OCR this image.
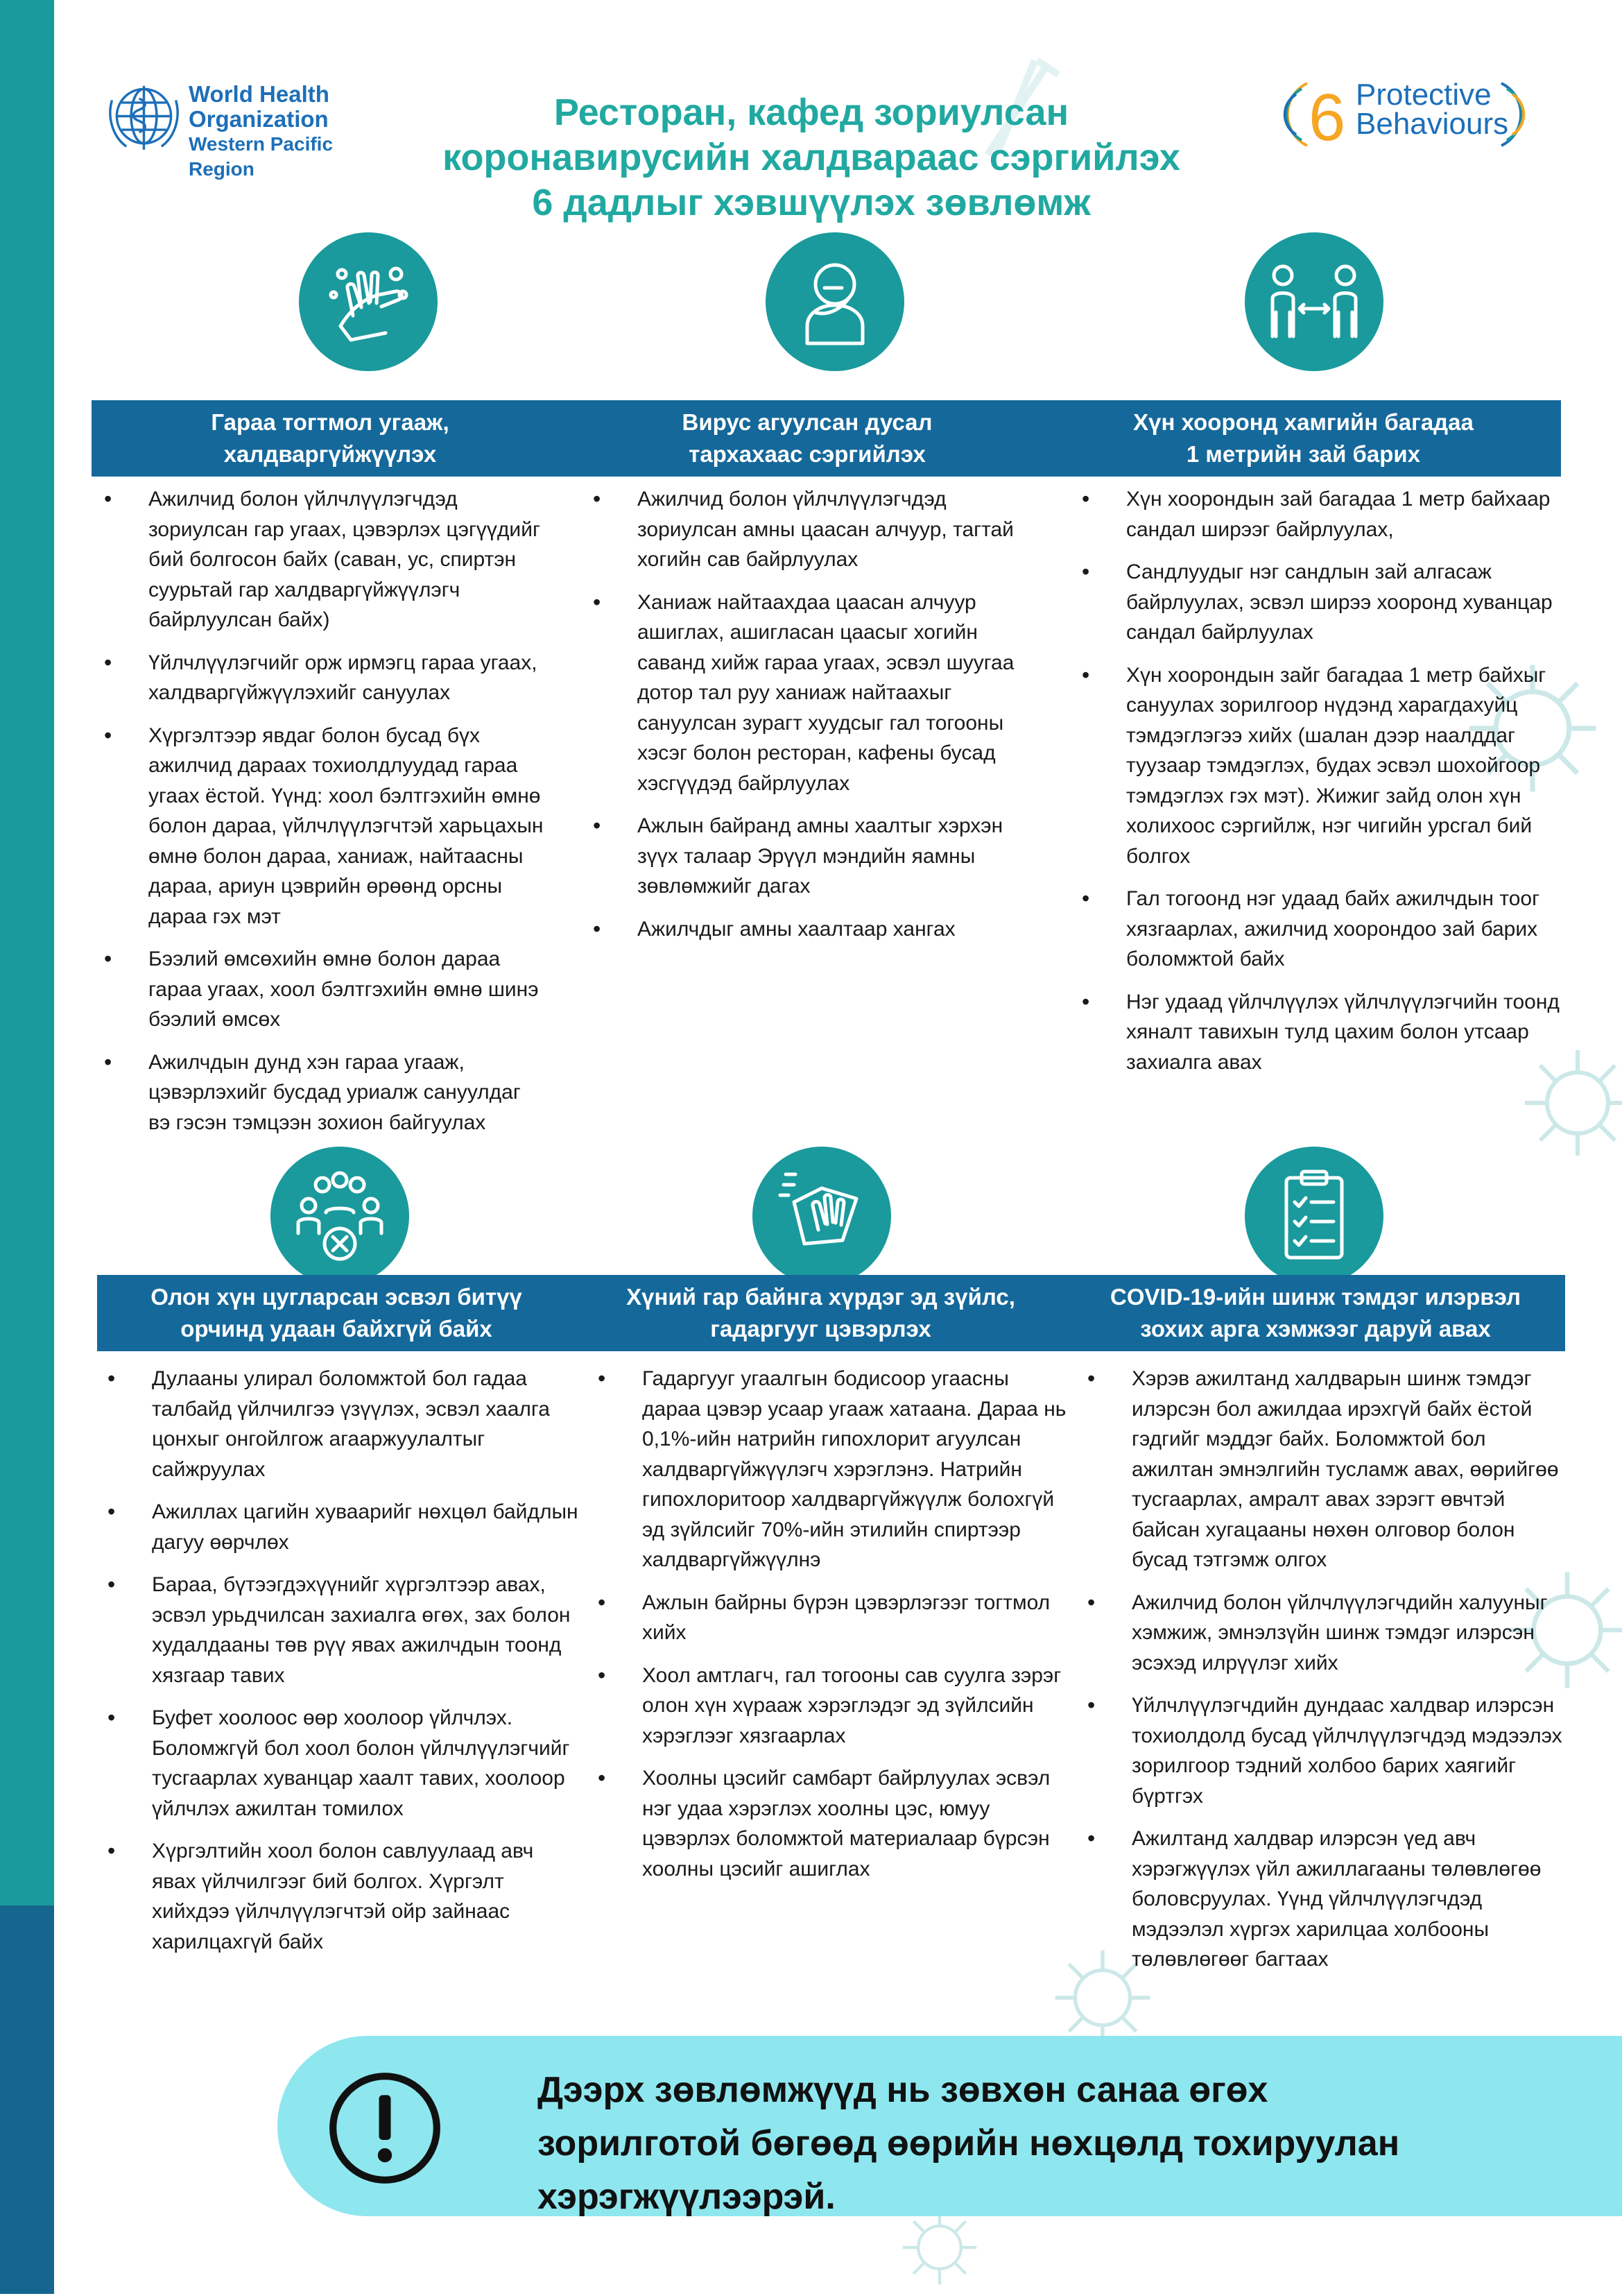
World Health
Organization
Western Pacific Region
6 Protective
Behaviours
Ресторан, кафед зориулсан
коронавирусийн халдвараас сэргийлэх
6 дадлыг хэвшүүлэх зөвлөмж
Гараа тогтмол угааж,
халдваргүйжүүлэх
Вирус агуулсан дусал
тархахаас сэргийлэх
Хүн хооронд хамгийн багадаа
1 метрийн зай барих
• Ажилчид болон үйлчлүүлэгчдэд зориулсан гар угаах, цэвэрлэх цэгүүдийг бий болгосон байх (саван, ус, спиртэн суурьтай гар халдваргүйжүүлэгч байрлуулсан байх)
• Үйлчлүүлэгчийг орж ирмэгц гараа угаах, халдваргүйжүүлэхийг сануулах
• Хүргэлтээр явдаг болон бусад бүх ажилчид дараах тохиолдлуудад гараа угаах ёстой. Үүнд: хоол бэлтгэхийн өмнө болон дараа, үйлчлүүлэгчтэй харьцахын өмнө болон дараа, ханиаж, найтаасны дараа, ариун цэврийн өрөөнд орсны дараа гэх мэт
• Бээлий өмсөхийн өмнө болон дараа гараа угаах, хоол бэлтгэхийн өмнө шинэ бээлий өмсөх
• Ажилчдын дунд хэн гараа угааж, цэвэрлэхийг бусдад уриалж сануулдаг вэ гэсэн тэмцээн зохион байгуулах
• Ажилчид болон үйлчлүүлэгчдэд зориулсан амны цаасан алчуур, тагтай хогийн сав байрлуулах
• Ханиаж найтаахдаа цаасан алчуур ашиглах, ашигласан цаасыг хогийн саванд хийж гараа угаах, эсвэл шуугаа дотор тал руу ханиаж найтаахыг сануулсан зурагт хуудсыг гал тогооны хэсэг болон ресторан, кафены бусад хэсгүүдэд байрлуулах
• Ажлын байранд амны хаалтыг хэрхэн зүүх талаар Эрүүл мэндийн яамны зөвлөмжийг дагах
• Ажилчдыг амны хаалтаар хангах
• Хүн хоорондын зай багадаа 1 метр байхаар сандал ширээг байрлуулах,
• Сандлуудыг нэг сандлын зай алгасаж байрлуулах, эсвэл ширээ хооронд хуванцар сандал байрлуулах
• Хүн хоорондын зайг багадаа 1 метр байхыг сануулах зорилгоор нүдэнд харагдахуйц тэмдэглэгээ хийх (шалан дээр наалддаг туузаар тэмдэглэх, будах эсвэл шохойгоор тэмдэглэх гэх мэт). Жижиг зайд олон хүн холихоос сэргийлж, нэг чигийн урсгал бий болгох
• Гал тогоонд нэг удаад байх ажилчдын тоог хязгаарлах, ажилчид хоорондоо зай барих боломжтой байх
• Нэг удаад үйлчлүүлэх үйлчлүүлэгчийн тоонд хяналт тавихын тулд цахим болон утсаар захиалга авах
Олон хүн цугларсан эсвэл битүү
орчинд удаан байхгүй байх
Хүний гар байнга хүрдэг эд зүйлс,
гадаргууг цэвэрлэх
COVID-19-ийн шинж тэмдэг илэрвэл
зохих арга хэмжээг даруй авах
• Дулааны улирал боломжтой бол гадаа талбайд үйлчилгээ үзүүлэх, эсвэл хаалга цонхыг онгойлгож агааржуулалтыг сайжруулах
• Ажиллах цагийн хуваарийг нөхцөл байдлын дагуу өөрчлөх
• Бараа, бүтээгдэхүүнийг хүргэлтээр авах, эсвэл урьдчилсан захиалга өгөх, зах болон худалдааны төв рүү явах ажилчдын тоонд хязгаар тавих
• Буфет хоолоос өөр хоолоор үйлчлэх. Боломжгүй бол хоол болон үйлчлүүлэгчийг тусгаарлах хуванцар хаалт тавих, хоолоор үйлчлэх ажилтан томилох
• Хүргэлтийн хоол болон савлуулаад авч явах үйлчилгээг бий болгох. Хүргэлт хийхдээ үйлчлүүлэгчтэй ойр зайнаас харилцахгүй байх
• Гадаргууг угаалгын бодисоор угаасны дараа цэвэр усаар угааж хатаана. Дараа нь 0,1%-ийн натрийн гипохлорит агуулсан халдваргүйжүүлэгч хэрэглэнэ. Натрийн гипохлоритоор халдваргүйжүүлж болохгүй эд зүйлсийг 70%-ийн этилийн спиртээр халдваргүйжүүлнэ
• Ажлын байрны бүрэн цэвэрлэгээг тогтмол хийх
• Хоол амтлагч, гал тогооны сав суулга зэрэг олон хүн хүрааж хэрэглэдэг эд зүйлсийн хэрэглээг хязгаарлах
• Хоолны цэсийг самбарт байрлуулах эсвэл нэг удаа хэрэглэх хоолны цэс, юмуу цэвэрлэх боломжтой материалаар бүрсэн хоолны цэсийг ашиглах
• Хэрэв ажилтанд халдварын шинж тэмдэг илэрсэн бол ажилдаа ирэхгүй байх ёстой гэдгийг мэддэг байх. Боломжтой бол ажилтан эмнэлгийн тусламж авах, өөрийгөө тусгаарлах, амралт авах зэрэгт өвчтэй байсан хугацааны нөхөн олговор болон бусад тэтгэмж олгох
• Ажилчид болон үйлчлүүлэгчдийн халууныг хэмжиж, эмнэлзүйн шинж тэмдэг илэрсэн эсэхэд илрүүлэг хийх
• Үйлчлүүлэгчдийн дундаас халдвар илэрсэн тохиолдолд бусад үйлчлүүлэгчдэд мэдээлэх зорилгоор тэдний холбоо барих хаягийг бүртгэх
• Ажилтанд халдвар илэрсэн үед авч хэрэгжүүлэх үйл ажиллагааны төлөвлөгөө боловсруулах. Үүнд үйлчлүүлэгчдэд мэдээлэл хүргэх харилцаа холбооны төлөвлөгөөг багтаах
Дээрх зөвлөмжүүд нь зөвхөн санаа өгөх
зорилготой бөгөөд өөрийн нөхцөлд тохируулан
хэрэгжүүлээрэй.
